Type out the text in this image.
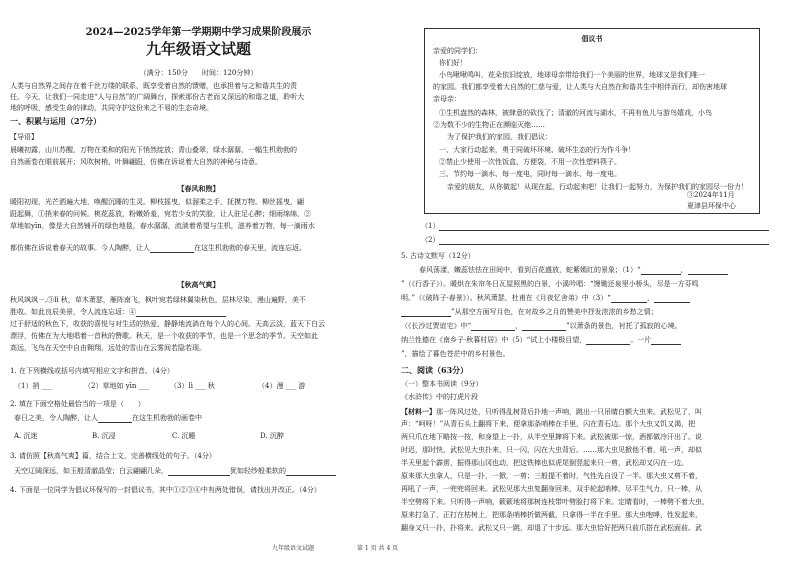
2024—2025学年第一学期期中学习成果阶段展示
九年级语文试题
（满分：150分　　时间：120分钟）
人类与自然界之间存在着千丝万缕的联系，既享受着自然的馈赠，也承担着与之和谐共生的责
任。今天，让我们一同走进“人与自然”的广阔舞台，探索那份古老而又深远的和谐之道，聆听大
地的呼吸，感受生命的律动，共同守护这份来之不易的生态奇境。
一、积累与运用（27分）
【导语】
晨曦初露，山川苏醒，万物在柔和的阳光下悄然绽放；青山叠翠，绿水潺潺，一幅生机勃勃的
自然画卷在眼前展开；风吹树梢，叶舞翩跹，仿佛在诉说着大自然的神秘与诗意。
【春风和煦】
暖阳初现，光芒洒遍大地，唤醒沉睡的生灵。柳枝摇曳，似溜柔之手，抚摸万物。柳丝摇曳，翩
跹起舞，①捎来春的问候。桃花蕊放，粉嫩娇羞，宛若少女的笑脸，让人驻足心醉；细雨绵绵，②
草地如yīn，像是大自然铺开的绿色地毯，春水潺潺，流淌着希望与生机，滋养着万物，每一滴雨水
都仿佛在诉说着春天的故事。今人陶醉，让人	在这生机勃勃的春天里，流连忘返。
【秋高气爽】
秋风飒飒ㄧ,③lì 秋，草木萧瑟，雁阵南飞，枫叶宛若绿林翼染秋色，层林尽染，漫山遍野，美不
胜收。如此良辰美景，令人流连忘返：④
过于舒适的秋色下，收获的喜悦与对生活的热爱，静静地流淌在每个人的心间。天高云淡，蓝天下白云
漂浮，仿佛在为大地唱着一首秋的赞歌。秋天，是一个收获的季节，也是一个思念的季节。天空如此
高远，飞鸟在天空中自由翱翔，远处的雪山在云雾间若隐若现。
1. 在下列横线或括号内填写相应文字和拼音。（4分）
（1）捎 ___	（2）草地如 yīn ___	（3）lì ___ 秋	（4）漫 ___ 游
2. 填在下面空格处最恰当的一项是（　　）
春日之美，令人陶醉，让人	在这生机勃勃的画卷中
A. 沉迷	B. 沉浸	C. 沉睡	D. 沉醉
3. 请仿照【秋高气爽】篇，结合上文，完善横线处的句子。（4分）
天空辽阔深远，如玉般清澈晶莹；白云翩翩几朵，	犹如轻纱般柔软的
4. 下面是一位同学为倡议环保写的一封倡议书，其中①②③④中有两处错误，请找出并改正。（4分）
九年级语文试题
倡议书
亲爱的同学们：
你们好！
小鸟啾啾鸣叫，花朵依旧绽放，地球母亲带给我们一个美丽的世界，地球又是我们唯一
的家园。我们都享受着大自然的仁慈与爱，让人类与大自然在和谐共生中相伴而行，却伤害地球
亲母亲：
①生机盎然的森林，被肆意的砍伐了；清澈的河流与湖水，不再有鱼儿与游鸟嬉戏，小鸟
②为数不少的生物正在濒临灭绝……
　　为了保护我们的家园，我们倡议：
一、大家行动起来，勇于同破坏环境、破坏生态的行为作斗争！
②禁止少使用一次性饭盒、方便袋，不用一次性塑料筷子。
三、节约每一滴水、每一度电，同时每一滴水、每一度电。
　　亲爱的朋友，从你做起！从现在起，行动起来吧！让我们一起努力，为保护我们的家园尽一份力！
③2024年11月
夏津县环保中心
（1）
（2）
5. 古诗文默写（12分）
春风荡漾，嫩蕊怯怯在田间中，看到百花盛放，蛇紫嫣红的景象；（1）“	，
”（《行香子》）。暖烘在朱帘冬日瓦屋照黑的白景，小溪吟唱：“馒锄还泉里小桥头，尽是一方芬鸣
明。”（《破阵子·春景》）。秋风萧瑟，杜甫在《月夜忆舍弟》中（3）“	，
”从那空方面写月色，在对故乡之月的赞美中抒发浓浓的乡愁之情；
（《长沙过贾谊宅》中“	，	”以萧条的景色，衬托了孤寂的心境。
纳兰性德在《南乡子·秋暮村居》中（5）“试上小楼极目望，	。一片
”，描绘了暮色苍茫中的乡村景色。
二、阅读（63分）
（一）整本书阅读（9分）
《水浒传》中的打虎片段
【材料一】那一阵风过处，只听得乱树背后扑地一声响，跳出一只吊睛白额大虫来。武松见了，叫
声：“呵呀！”从青石头上翻将下来，便拿那条哨棒在手里，闪在青石边。那个大虫又饥又渴，把
两只爪在地下略按一按，和身望上一扑，从半空里撺将下来。武松被那一惊，酒都做冷汗出了。说
时迟，那时快，武松见大虫扑来，只一闪，闪在大虫背后。……那大虫见掀他不着，吼一声，却似
半天里起个霹雳，振得那山冈也动，把这铁棒也似虎尾倒竖起来只一剪，武松却又闪在一边。
原来那大虫拿人，只是一扑，一掀，一剪；三般提不着时，气性先自没了一半。那大虫又剪不着，
再吼了一声，一兜兜将回来。武松见那大虫复翻身回来，双手轮起哨棒，尽平生气力，只一棒，从
半空劈将下来。只听得一声响，簌簌地将那树连枝带叶劈脸打将下来。定睛看时，一棒劈不着大虫，
原来打急了，正打在枯树上，把那条哨棒折做两截，只拿得一半在手里。那大虫咆哮，性发起来，
翻身又只一扑，扑将来。武松又只一跳，却退了十步远。那大虫恰好把两只前爪搭在武松面前。武
第 1 页 共 4 页
